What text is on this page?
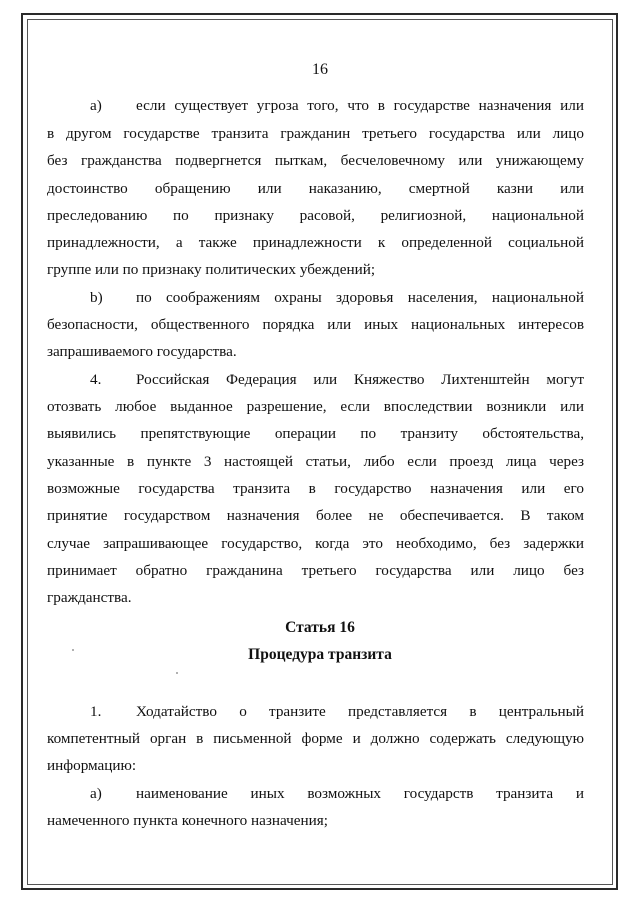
16
а)	если существует угроза того, что в государстве назначения или
в другом государстве транзита гражданин третьего государства или лицо
без гражданства подвергнется пыткам, бесчеловечному или унижающему
достоинство обращению или наказанию, смертной казни или
преследованию по признаку расовой, религиозной, национальной
принадлежности, а также принадлежности к определенной социальной
группе или по признаку политических убеждений;
b)	по соображениям охраны здоровья населения, национальной
безопасности, общественного порядка или иных национальных интересов
запрашиваемого государства.
4.	Российская Федерация или Княжество Лихтенштейн могут
отозвать любое выданное разрешение, если впоследствии возникли или
выявились препятствующие операции по транзиту обстоятельства,
указанные в пункте 3 настоящей статьи, либо если проезд лица через
возможные государства транзита в государство назначения или его
принятие государством назначения более не обеспечивается. В таком
случае запрашивающее государство, когда это необходимо, без задержки
принимает обратно гражданина третьего государства или лицо без
гражданства.
Статья 16
Процедура транзита
1.	Ходатайство о транзите представляется в центральный
компетентный орган в письменной форме и должно содержать следующую
информацию:
а)	наименование иных возможных государств транзита и
намеченного пункта конечного назначения;
